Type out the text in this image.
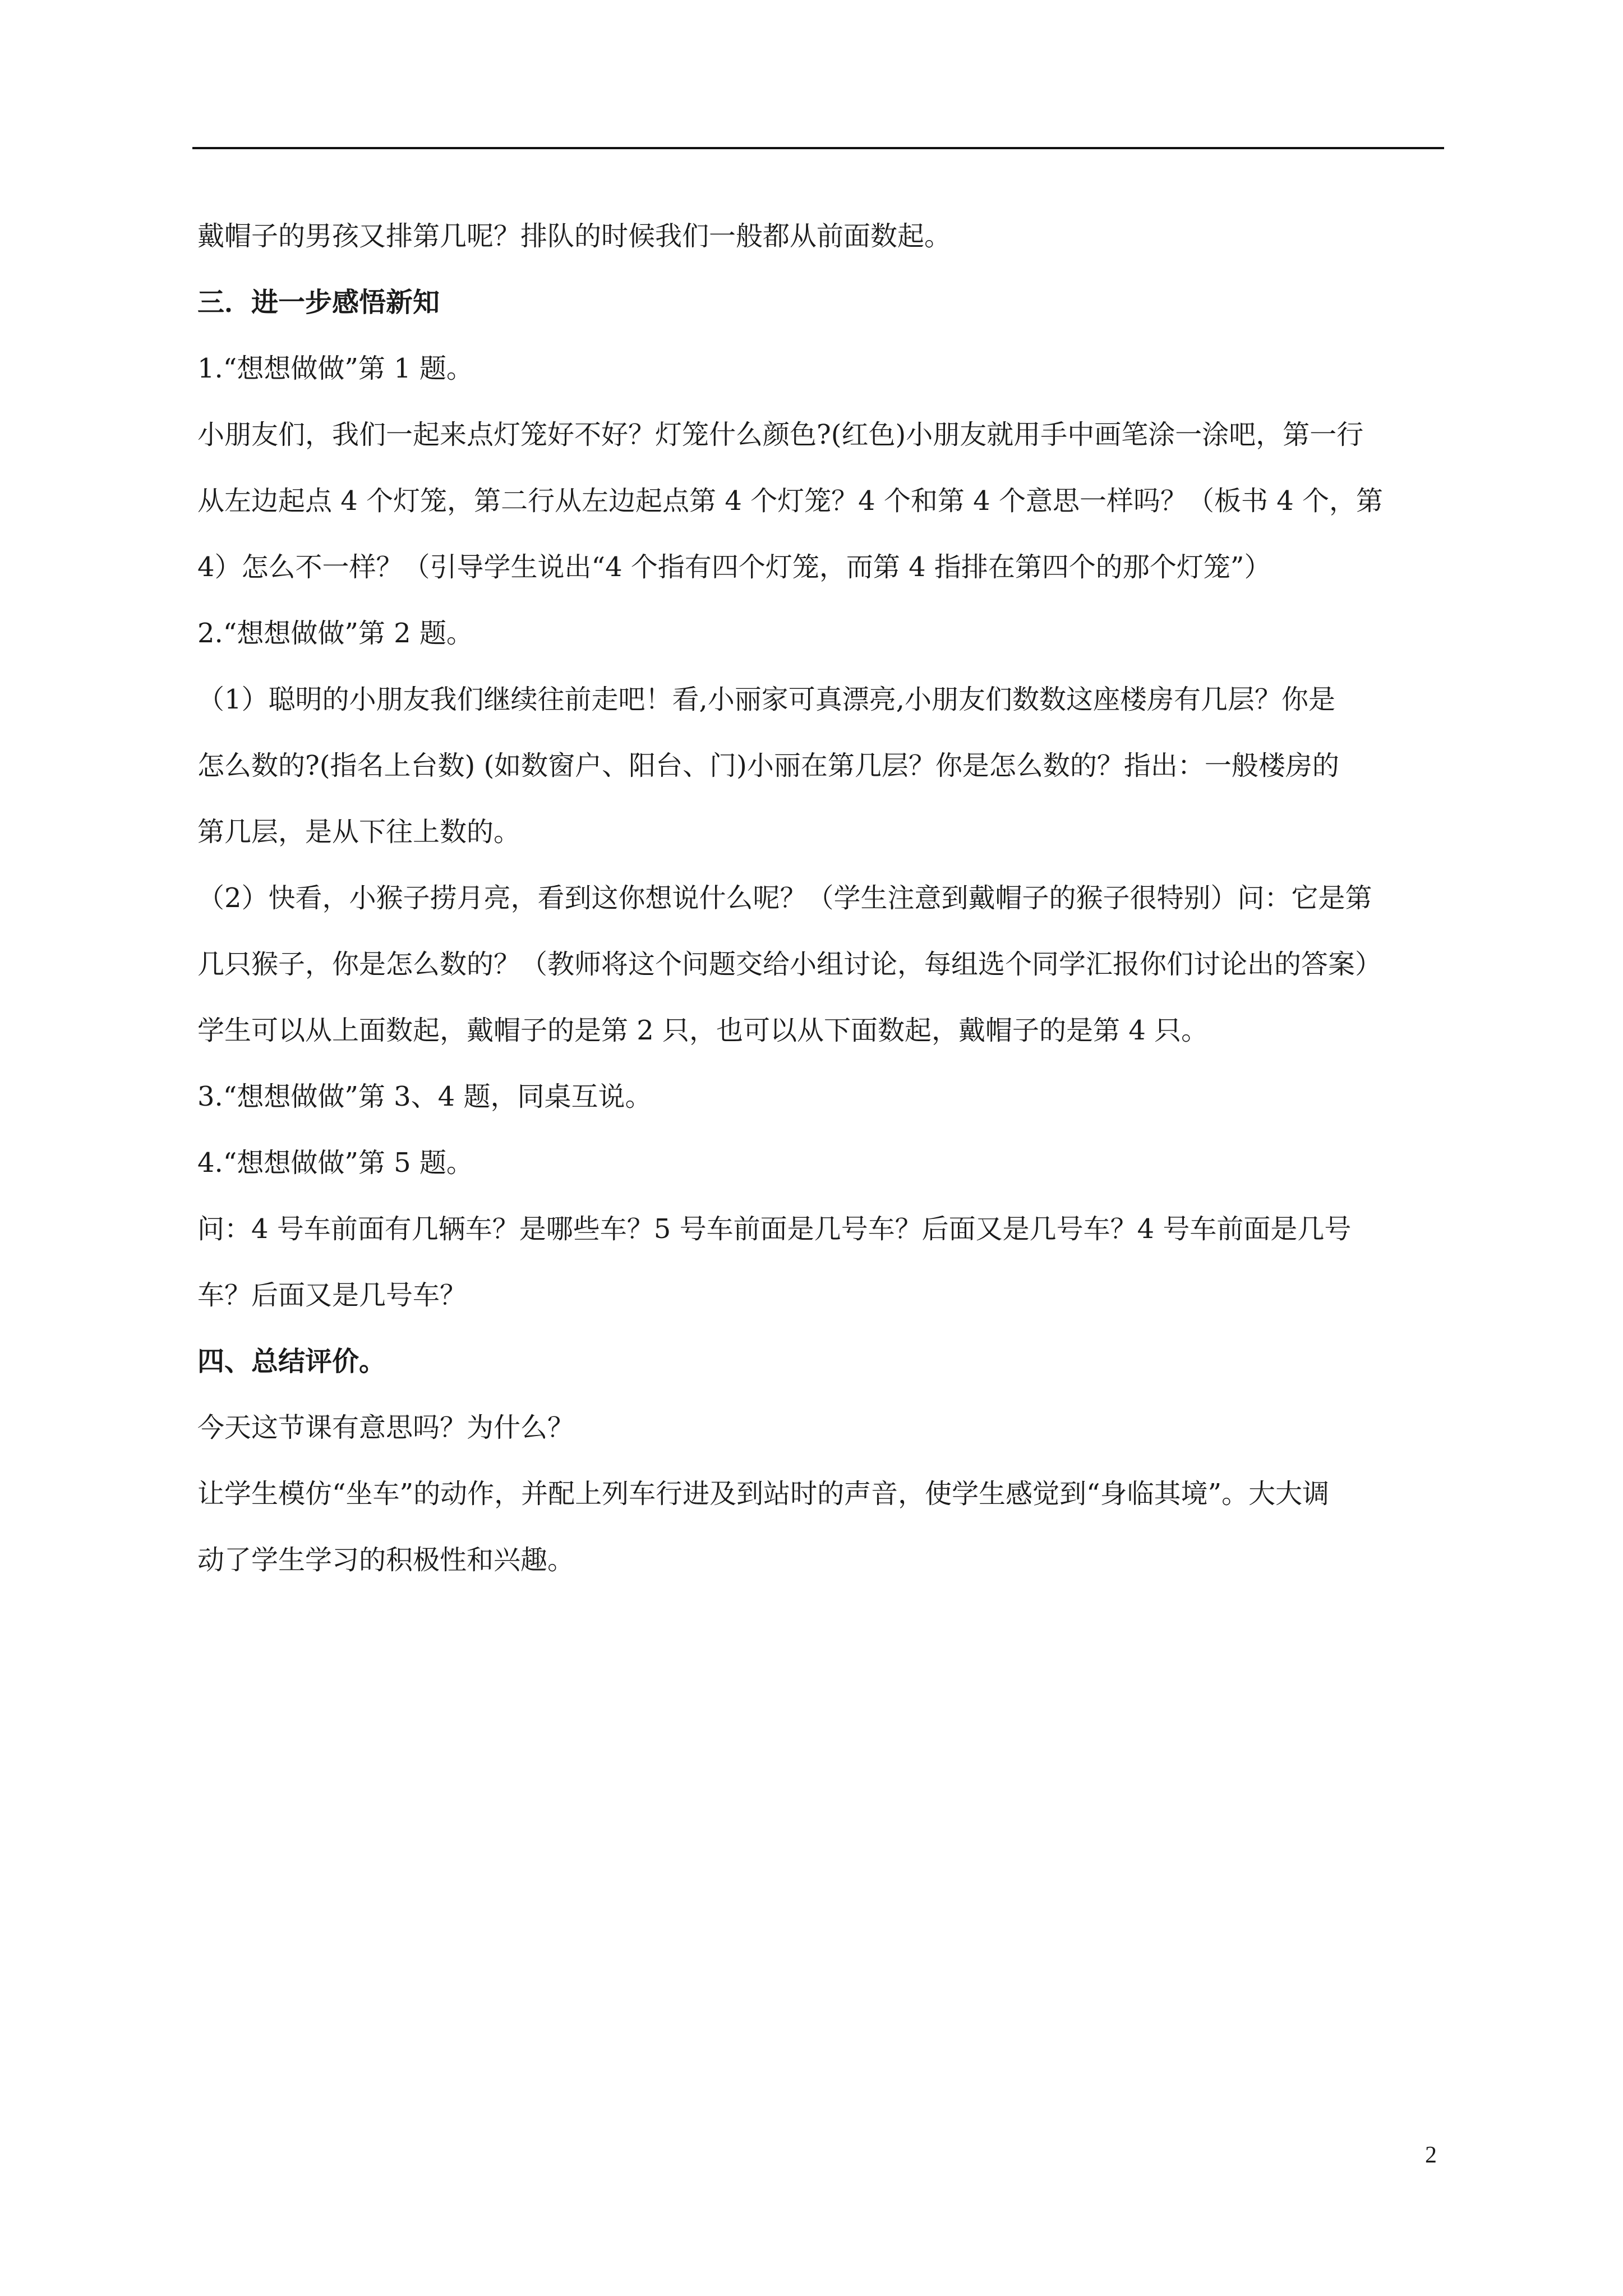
戴帽子的男孩又排第几呢？排队的时候我们一般都从前面数起。
三．进一步感悟新知
1.“想想做做”第 1 题。
小朋友们，我们一起来点灯笼好不好？灯笼什么颜色?(红色)小朋友就用手中画笔涂一涂吧，第一行
从左边起点 4 个灯笼，第二行从左边起点第 4 个灯笼？4 个和第 4 个意思一样吗？（板书 4 个，第
4）怎么不一样？（引导学生说出“4 个指有四个灯笼，而第 4 指排在第四个的那个灯笼”）
2.“想想做做”第 2 题。
（1）聪明的小朋友我们继续往前走吧！看,小丽家可真漂亮,小朋友们数数这座楼房有几层？你是
怎么数的?(指名上台数) (如数窗户、阳台、门)小丽在第几层？你是怎么数的？指出：一般楼房的
第几层，是从下往上数的。
（2）快看，小猴子捞月亮，看到这你想说什么呢？（学生注意到戴帽子的猴子很特别）问：它是第
几只猴子，你是怎么数的？（教师将这个问题交给小组讨论，每组选个同学汇报你们讨论出的答案）
学生可以从上面数起，戴帽子的是第 2 只，也可以从下面数起，戴帽子的是第 4 只。
3.“想想做做”第 3、4 题，同桌互说。
4.“想想做做”第 5 题。
问：4 号车前面有几辆车？是哪些车？5 号车前面是几号车？后面又是几号车？4 号车前面是几号
车？后面又是几号车？
四、总结评价。
今天这节课有意思吗？为什么？
让学生模仿“坐车”的动作，并配上列车行进及到站时的声音，使学生感觉到“身临其境”。大大调
动了学生学习的积极性和兴趣。
2
